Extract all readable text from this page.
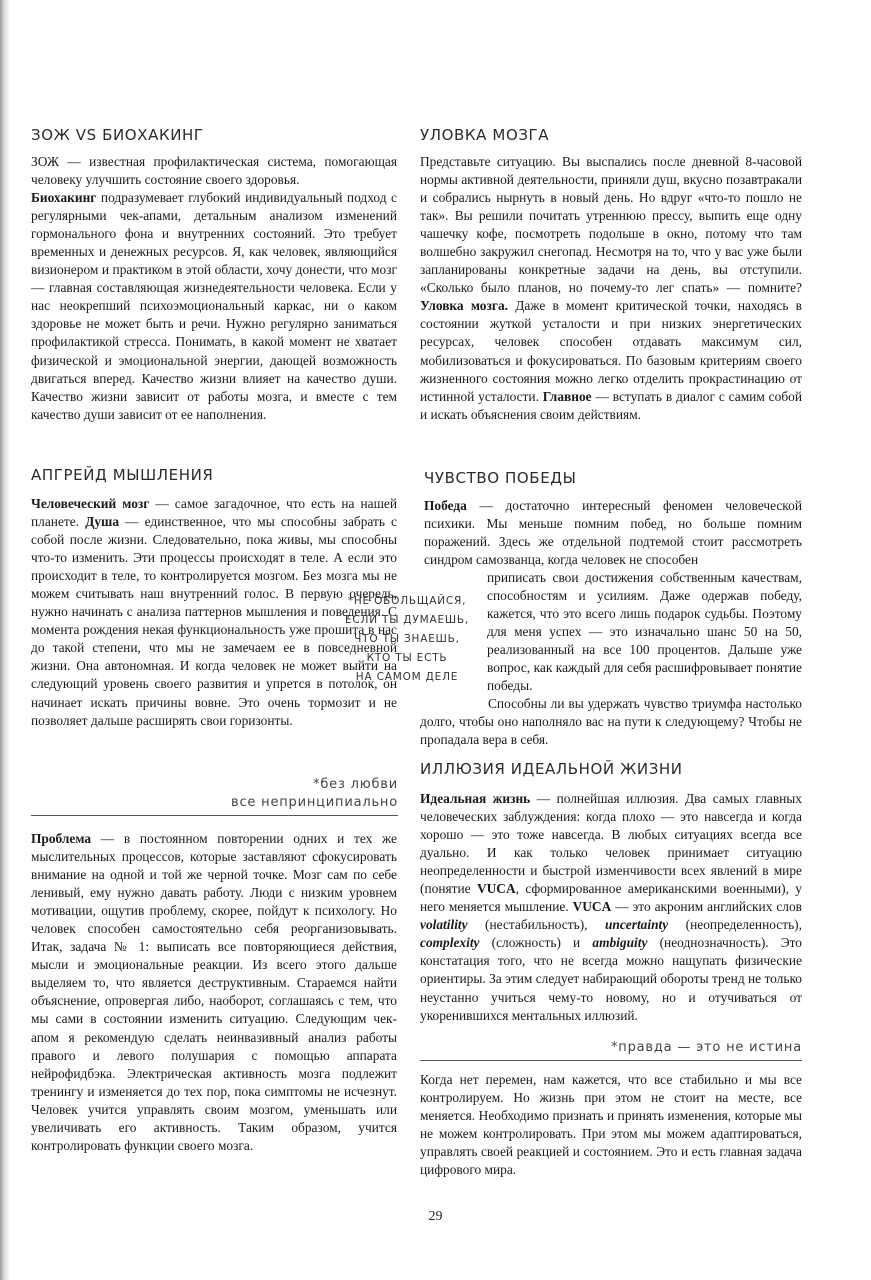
ЗОЖ VS БИОХАКИНГ

ЗОЖ — известная профилактическая система, помогающая человеку улучшить состояние своего здоровья.
Биохакинг подразумевает глубокий индивидуальный подход с регулярными чек-апами, детальным анализом изменений гормонального фона и внутренних состояний. Это требует временных и денежных ресурсов. Я, как человек, являющийся визионером и практиком в этой области, хочу донести, что мозг — главная составляющая жизнедеятельности человека. Если у нас неокрепший психоэмоциональный каркас, ни о каком здоровье не может быть и речи. Нужно регулярно заниматься профилактикой стресса. Понимать, в какой момент не хватает физической и эмоциональной энергии, дающей возможность двигаться вперед. Качество жизни влияет на качество души. Качество жизни зависит от работы мозга, и вместе с тем качество души зависит от ее наполнения.

АПГРЕЙД МЫШЛЕНИЯ

Человеческий мозг — самое загадочное, что есть на нашей планете. Душа — единственное, что мы способны забрать с собой после жизни. Следовательно, пока живы, мы способны что-то изменить. Эти процессы происходят в теле. А если это происходит в теле, то контролируется мозгом. Без мозга мы не можем считывать наш внутренний голос. В первую очередь, нужно начинать с анализа паттернов мышления и поведения. С момента рождения некая функциональность уже прошита в нас до такой степени, что мы не замечаем ее в повседневной жизни. Она автономная. И когда человек не может выйти на следующий уровень своего развития и упрется в потолок, он начинает искать причины вовне. Это очень тормозит и не позволяет дальше расширять свои горизонты.

*без любви
все непринципиально

Проблема — в постоянном повторении одних и тех же мыслительных процессов, которые заставляют сфокусировать внимание на одной и той же черной точке. Мозг сам по себе ленивый, ему нужно давать работу. Люди с низким уровнем мотивации, ощутив проблему, скорее, пойдут к психологу. Но человек способен самостоятельно себя реорганизовывать. Итак, задача № 1: выписать все повторяющиеся действия, мысли и эмоциональные реакции. Из всего этого дальше выделяем то, что является деструктивным. Стараемся найти объяснение, опровергая либо, наоборот, соглашаясь с тем, что мы сами в состоянии изменить ситуацию. Следующим чек-апом я рекомендую сделать неинвазивный анализ работы правого и левого полушария с помощью аппарата нейрофидбэка. Электрическая активность мозга подлежит тренингу и изменяется до тех пор, пока симптомы не исчезнут. Человек учится управлять своим мозгом, уменьшать или увеличивать его активность. Таким образом, учится контролировать функции своего мозга.

*НЕ ОБОЛЬЩАЙСЯ,
ЕСЛИ ТЫ ДУМАЕШЬ,
ЧТО ТЫ ЗНАЕШЬ,
КТО ТЫ ЕСТЬ
НА САМОМ ДЕЛЕ
УЛОВКА МОЗГА

Представьте ситуацию. Вы выспались после дневной 8-часовой нормы активной деятельности, приняли душ, вкусно позавтракали и собрались нырнуть в новый день. Но вдруг «что-то пошло не так». Вы решили почитать утреннюю прессу, выпить еще одну чашечку кофе, посмотреть подольше в окно, потому что там волшебно закружил снегопад. Несмотря на то, что у вас уже были запланированы конкретные задачи на день, вы отступили. «Сколько было планов, но почему-то лег спать» — помните? Уловка мозга. Даже в момент критической точки, находясь в состоянии жуткой усталости и при низких энергетических ресурсах, человек способен отдавать максимум сил, мобилизоваться и фокусироваться. По базовым критериям своего жизненного состояния можно легко отделить прокрастинацию от истинной усталости. Главное — вступать в диалог с самим собой и искать объяснения своим действиям.

ЧУВСТВО ПОБЕДЫ

Победа — достаточно интересный феномен человеческой психики. Мы меньше помним побед, но больше помним поражений. Здесь же отдельной подтемой стоит рассмотреть синдром самозванца, когда человек не способен

приписать свои достижения собственным качествам, способностям и усилиям. Даже одержав победу, кажется, что это всего лишь подарок судьбы. Поэтому для меня успех — это изначально шанс 50 на 50, реализованный на все 100 процентов. Дальше уже вопрос, как каждый для себя расшифровывает понятие победы.

Способны ли вы удержать чувство триумфа настолько долго, чтобы оно наполняло вас на пути к следующему? Чтобы не пропадала вера в себя.

ИЛЛЮЗИЯ ИДЕАЛЬНОЙ ЖИЗНИ

Идеальная жизнь — полнейшая иллюзия. Два самых главных человеческих заблуждения: когда плохо — это навсегда и когда хорошо — это тоже навсегда. В любых ситуациях всегда все дуально. И как только человек принимает ситуацию неопределенности и быстрой изменчивости всех явлений в мире (понятие VUCA, сформированное американскими военными), у него меняется мышление. VUCA — это акроним английских слов volatility (нестабильность), uncertainty (неопределенность), complexity (сложность) и ambiguity (неоднозначность). Это констатация того, что не всегда можно нащупать физические ориентиры. За этим следует набирающий обороты тренд не только неустанно учиться чему-то новому, но и отучиваться от укоренившихся ментальных иллюзий.

*правда — это не истина

Когда нет перемен, нам кажется, что все стабильно и мы все контролируем. Но жизнь при этом не стоит на месте, все меняется. Необходимо признать и принять изменения, которые мы не можем контролировать. При этом мы можем адаптироваться, управлять своей реакцией и состоянием. Это и есть главная задача цифрового мира.

29
